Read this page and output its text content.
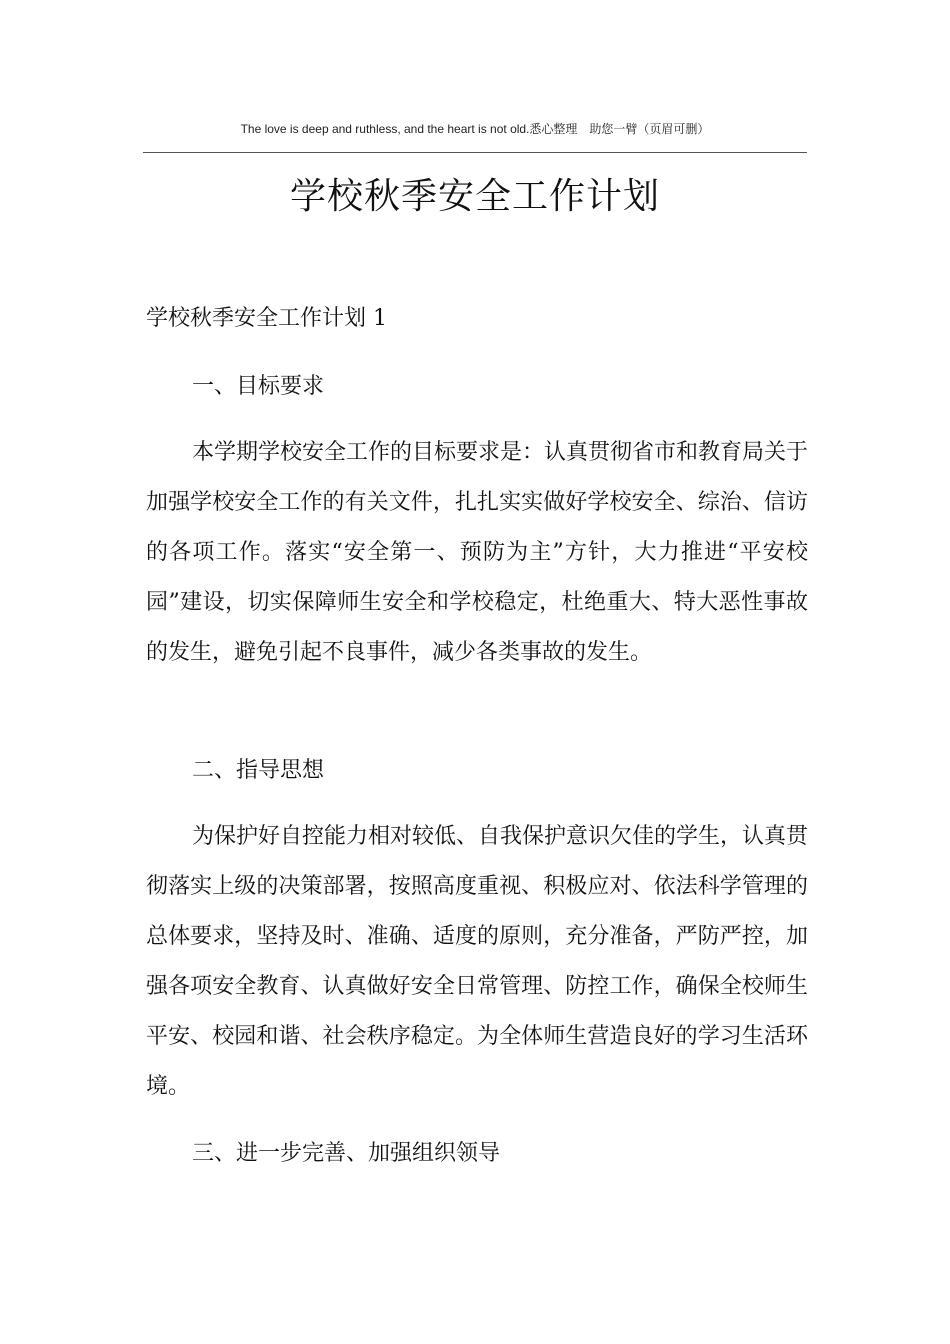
The love is deep and ruthless, and the heart is not old.悉心整理　助您一臂（页眉可删）
学校秋季安全工作计划
学校秋季安全工作计划 1
一、目标要求

本学期学校安全工作的目标要求是：认真贯彻省市和教育局关于加强学校安全工作的有关文件，扎扎实实做好学校安全、综治、信访的各项工作。落实“安全第一、预防为主”方针，大力推进“平安校园”建设，切实保障师生安全和学校稳定，杜绝重大、特大恶性事故的发生，避免引起不良事件，减少各类事故的发生。

二、指导思想

为保护好自控能力相对较低、自我保护意识欠佳的学生，认真贯彻落实上级的决策部署，按照高度重视、积极应对、依法科学管理的总体要求，坚持及时、准确、适度的原则，充分准备，严防严控，加强各项安全教育、认真做好安全日常管理、防控工作，确保全校师生平安、校园和谐、社会秩序稳定。为全体师生营造良好的学习生活环境。

三、进一步完善、加强组织领导
